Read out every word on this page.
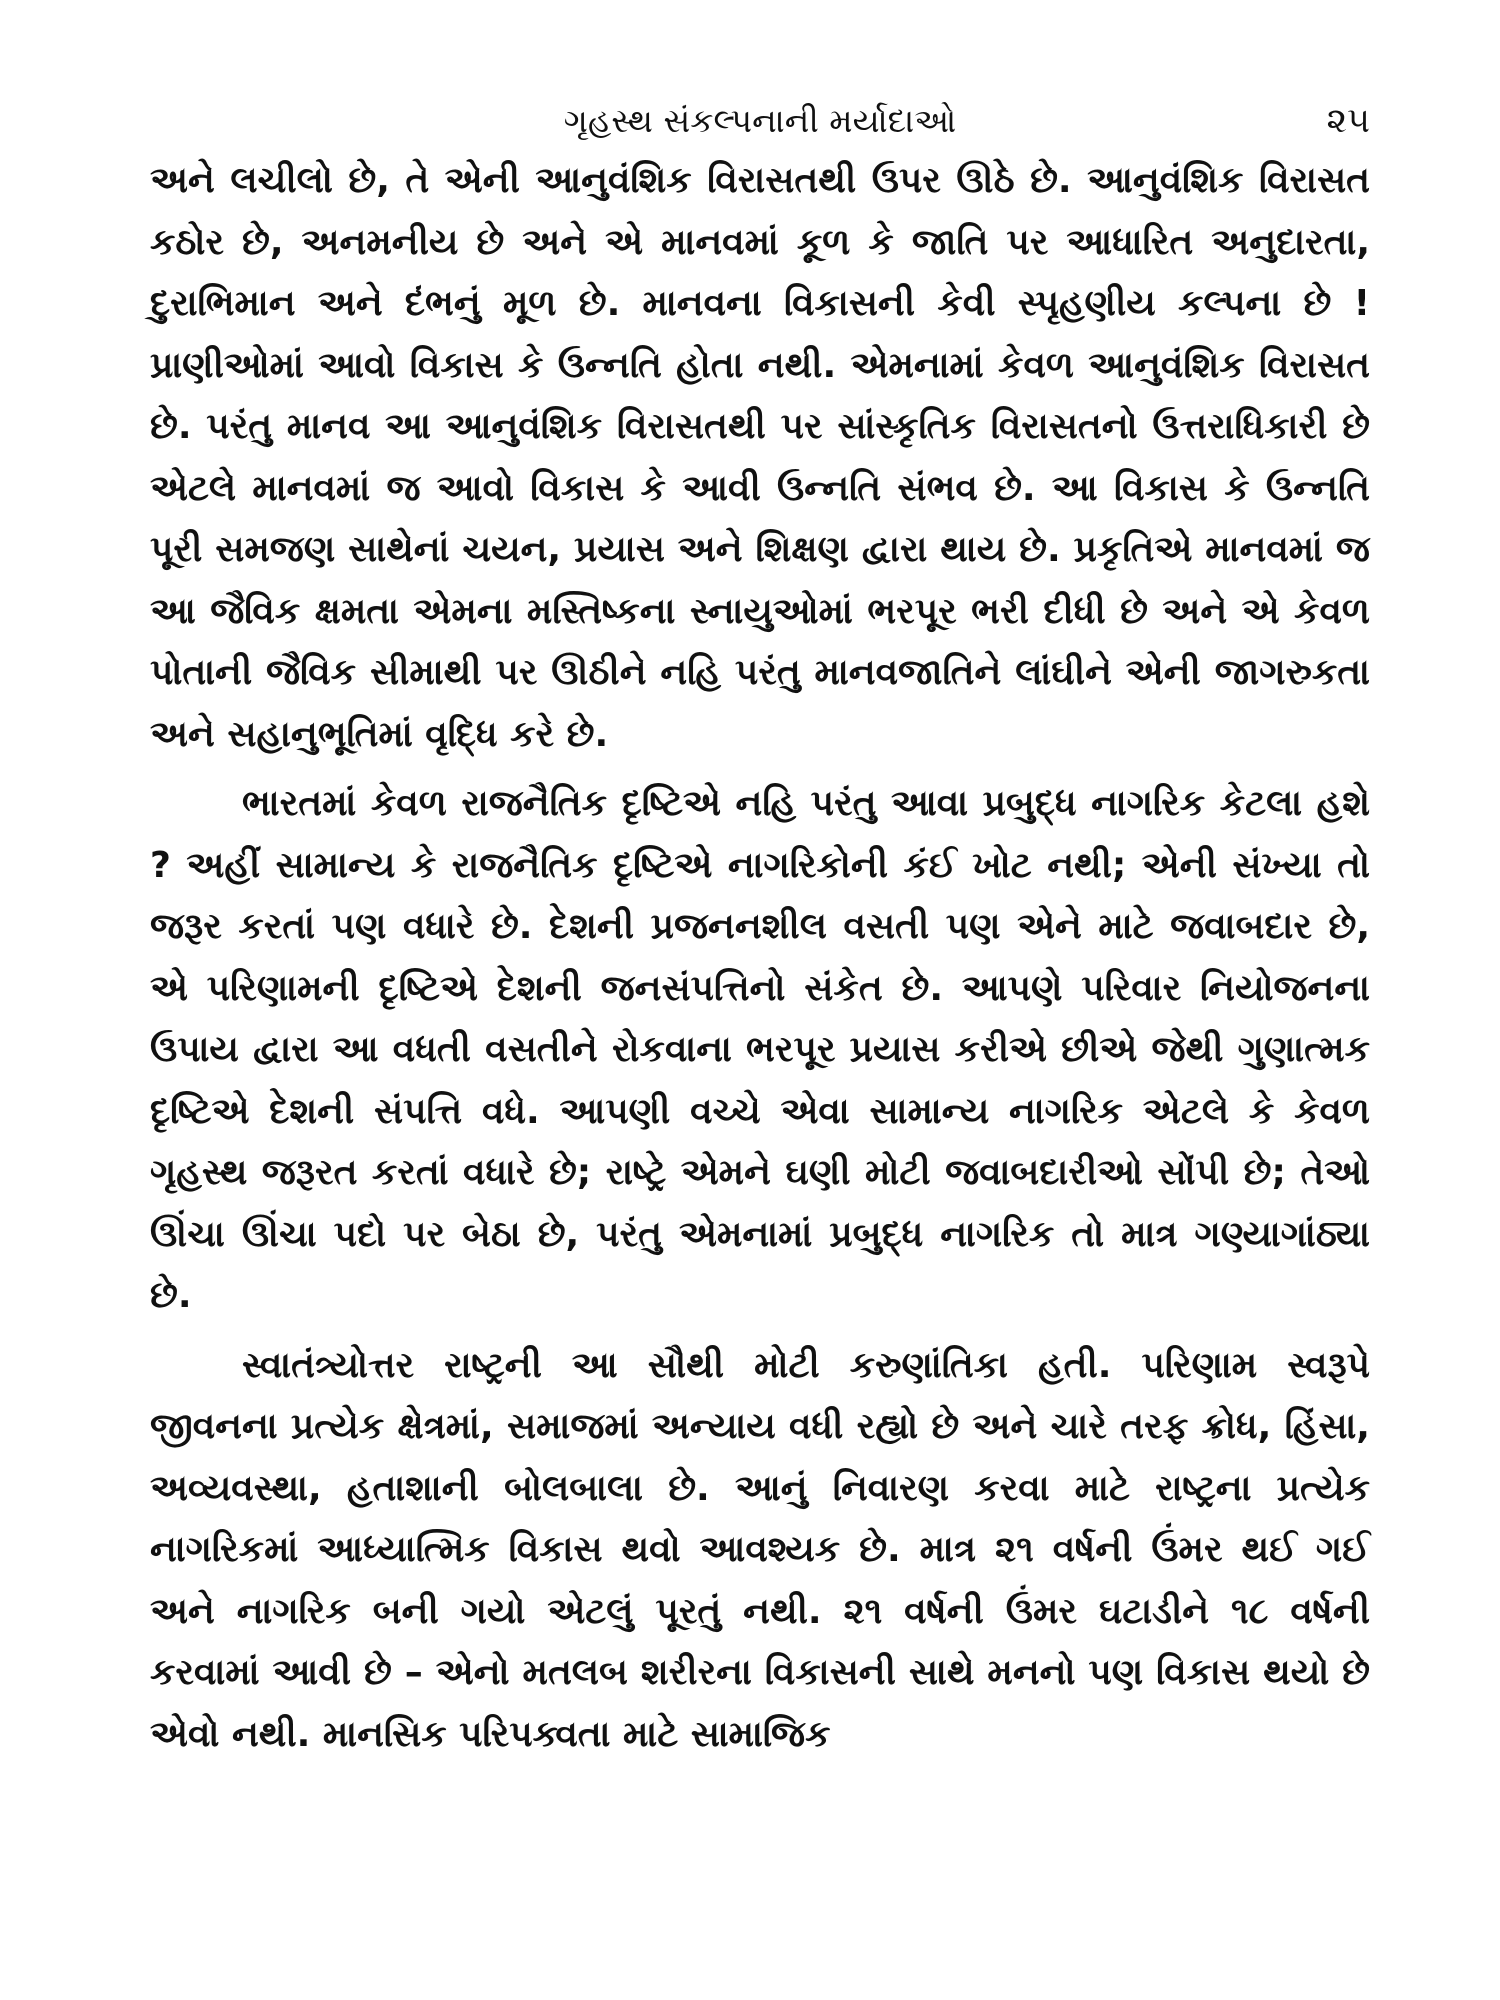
ગૃહસ્થ સંકલ્પનાની મર્યાદાઓ	૨૫

અને લચીલો છે, તે એની આનુવંશિક વિરાસતથી ઉપર ઊઠે છે. આનુવંશિક વિરાસત કઠોર છે, અનમનીય છે અને એ માનવમાં કૂળ કે જાતિ પર આધારિત અનુદારતા, દુરાભિમાન અને દંભનું મૂળ છે. માનવના વિકાસની કેવી સ્પૃહણીય કલ્પના છે ! પ્રાણીઓમાં આવો વિકાસ કે ઉન્નતિ હોતા નથી. એમનામાં કેવળ આનુવંશિક વિરાસત છે. પરંતુ માનવ આ આનુવંશિક વિરાસતથી પર સાંસ્કૃતિક વિરાસતનો ઉત્તરાધિકારી છે એટલે માનવમાં જ આવો વિકાસ કે આવી ઉન્નતિ સંભવ છે. આ વિકાસ કે ઉન્નતિ પૂરી સમજણ સાથેનાં ચયન, પ્રયાસ અને શિક્ષણ દ્વારા થાય છે. પ્રકૃતિએ માનવમાં જ આ જૈવિક ક્ષમતા એમના મસ્તિષ્કના સ્નાયુઓમાં ભરપૂર ભરી દીધી છે અને એ કેવળ પોતાની જૈવિક સીમાથી પર ઊઠીને નહિ પરંતુ માનવજાતિને લાંઘીને એની જાગરુકતા અને સહાનુભૂતિમાં વૃદ્ધિ કરે છે.

ભારતમાં કેવળ રાજનૈતિક દૃષ્ટિએ નહિ પરંતુ આવા પ્રબુદ્ધ નાગરિક કેટલા હશે ? અહીં સામાન્ય કે રાજનૈતિક દૃષ્ટિએ નાગરિકોની કંઈ ખોટ નથી; એની સંખ્યા તો જરૂર કરતાં પણ વધારે છે. દેશની પ્રજનનશીલ વસતી પણ એને માટે જવાબદાર છે, એ પરિણામની દૃષ્ટિએ દેશની જનસંપત્તિનો સંકેત છે. આપણે પરિવાર નિયોજનના ઉપાય દ્વારા આ વધતી વસતીને રોકવાના ભરપૂર પ્રયાસ કરીએ છીએ જેથી ગુણાત્મક દૃષ્ટિએ દેશની સંપત્તિ વધે. આપણી વચ્ચે એવા સામાન્ય નાગરિક એટલે કે કેવળ ગૃહસ્થ જરૂરત કરતાં વધારે છે; રાષ્ટ્રે એમને ઘણી મોટી જવાબદારીઓ સોંપી છે; તેઓ ઊંચા ઊંચા પદો પર બેઠા છે, પરંતુ એમનામાં પ્રબુદ્ધ નાગરિક તો માત્ર ગણ્યાગાંઠ્યા છે.

સ્વાતંત્ર્યોત્તર રાષ્ટ્રની આ સૌથી મોટી કરુણાંતિકા હતી. પરિણામ સ્વરૂપે જીવનના પ્રત્યેક ક્ષેત્રમાં, સમાજમાં અન્યાય વધી રહ્યો છે અને ચારે તરફ ક્રોધ, હિંસા, અવ્યવસ્થા, હતાશાની બોલબાલા છે. આનું નિવારણ કરવા માટે રાષ્ટ્રના પ્રત્યેક નાગરિકમાં આધ્યાત્મિક વિકાસ થવો આવશ્યક છે. માત્ર ૨૧ વર્ષની ઉંમર થઈ ગઈ અને નાગરિક બની ગયો એટલું પૂરતું નથી. ૨૧ વર્ષની ઉંમર ઘટાડીને ૧૮ વર્ષની કરવામાં આવી છે – એનો મતલબ શરીરના વિકાસની સાથે મનનો પણ વિકાસ થયો છે એવો નથી. માનસિક પરિપક્વતા માટે સામાજિક
